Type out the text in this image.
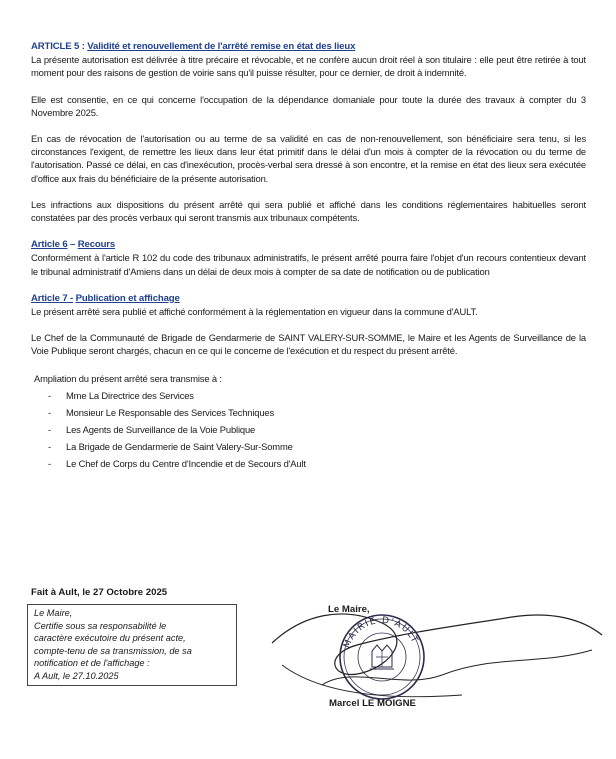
ARTICLE 5 : Validité et renouvellement de l'arrêté remise en état des lieux

La présente autorisation est délivrée à titre précaire et révocable, et ne confère aucun droit réel à son titulaire : elle peut être retirée à tout moment pour des raisons de gestion de voirie sans qu'il puisse résulter, pour ce dernier, de droit à indemnité.

Elle est consentie, en ce qui concerne l'occupation de la dépendance domaniale pour toute la durée des travaux à compter du 3 Novembre 2025.

En cas de révocation de l'autorisation ou au terme de sa validité en cas de non-renouvellement, son bénéficiaire sera tenu, si les circonstances l'exigent, de remettre les lieux dans leur état primitif dans le délai d'un mois à compter de la révocation ou du terme de l'autorisation. Passé ce délai, en cas d'inexécution, procès-verbal sera dressé à son encontre, et la remise en état des lieux sera exécutée d'office aux frais du bénéficiaire de la présente autorisation.

Les infractions aux dispositions du présent arrêté qui sera publié et affiché dans les conditions réglementaires habituelles seront constatées par des procès verbaux qui seront transmis aux tribunaux compétents.

Article 6 – Recours

Conformément à l'article R 102 du code des tribunaux administratifs, le présent arrêté pourra faire l'objet d'un recours contentieux devant le tribunal administratif d'Amiens dans un délai de deux mois à compter de sa date de notification ou de publication

Article 7 - Publication et affichage

Le présent arrêté sera publié et affiché conformément à la réglementation en vigueur dans la commune d'AULT.

Le Chef de la Communauté de Brigade de Gendarmerie de SAINT VALERY-SUR-SOMME, le Maire et les Agents de Surveillance de la Voie Publique seront chargés, chacun en ce qui le concerne de l'exécution et du respect du présent arrêté.

Ampliation du présent arrêté sera transmise à :

- Mme La Directrice des Services
- Monsieur Le Responsable des Services Techniques
- Les Agents de Surveillance de la Voie Publique
- La Brigade de Gendarmerie de Saint Valery-Sur-Somme
- Le Chef de Corps du Centre d'Incendie et de Secours d'Ault
Fait à Ault, le 27 Octobre 2025
Le Maire,
Certifie sous sa responsabilité le
caractère exécutoire du présent acte,
compte-tenu de sa transmission, de sa
notification et de l'affichage :
A Ault, le 27.10.2025
MAIRIE D'AULT
Le Maire,
Marcel LE MOIGNE
